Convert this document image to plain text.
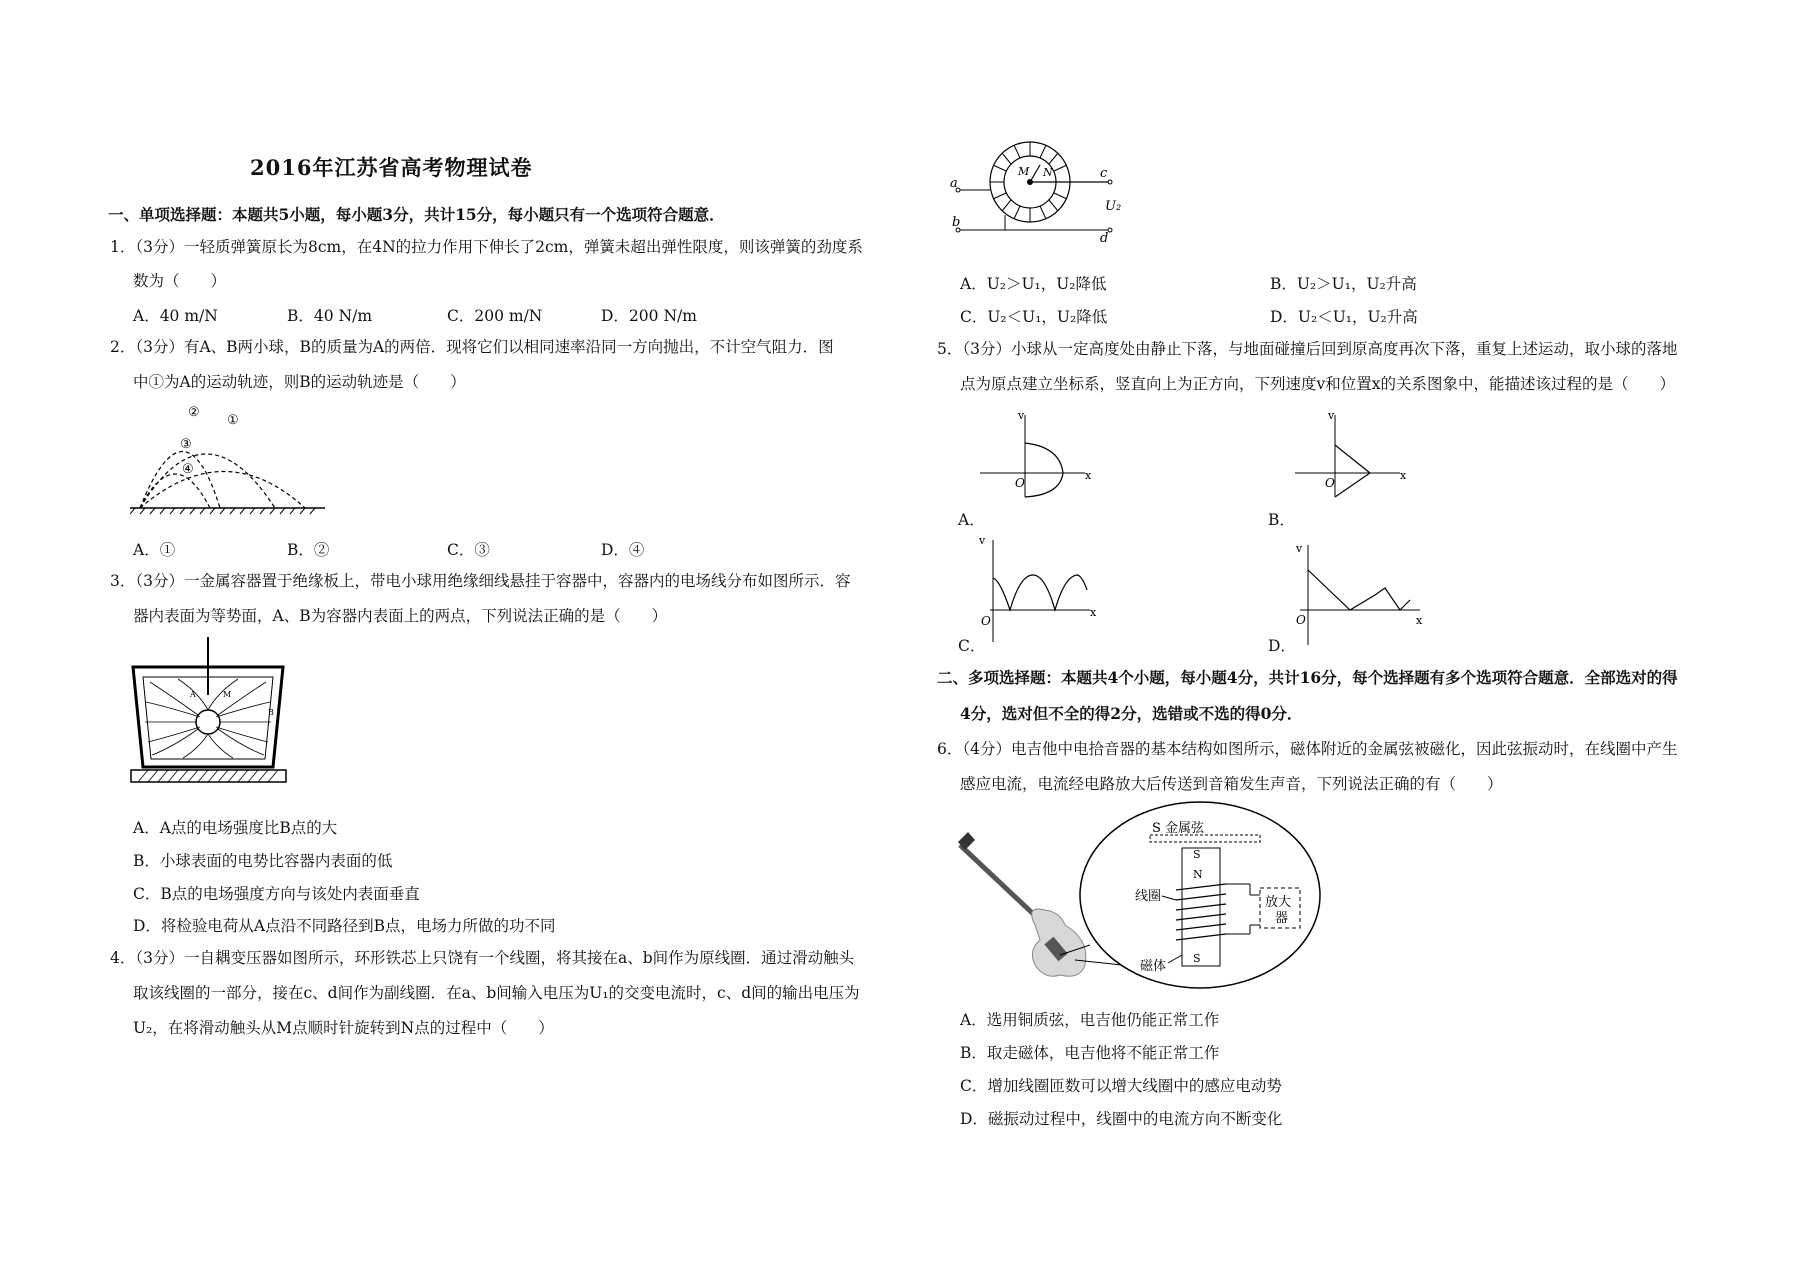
2016年江苏省高考物理试卷
一、单项选择题：本题共5小题，每小题3分，共计15分，每小题只有一个选项符合题意．
1．（3分）一轻质弹簧原长为8cm，在4N的拉力作用下伸长了2cm，弹簧未超出弹性限度，则该弹簧的劲度系
数为（　　）
A．40 m/N	B．40 N/m	C．200 m/N	D．200 N/m
2．（3分）有A、B两小球，B的质量为A的两倍．现将它们以相同速率沿同一方向抛出，不计空气阻力．图
中①为A的运动轨迹，则B的运动轨迹是（　　）
②
①
③
④
A．①	B．②	C．③	D．④
3．（3分）一金属容器置于绝缘板上，带电小球用绝缘细线悬挂于容器中，容器内的电场线分布如图所示．容
器内表面为等势面，A、B为容器内表面上的两点，下列说法正确的是（　　）
A	M
B
A．A点的电场强度比B点的大
B．小球表面的电势比容器内表面的低
C．B点的电场强度方向与该处内表面垂直
D．将检验电荷从A点沿不同路径到B点，电场力所做的功不同
4．（3分）一自耦变压器如图所示，环形铁芯上只饶有一个线圈，将其接在a、b间作为原线圈．通过滑动触头
取该线圈的一部分，接在c、d间作为副线圈．在a、b间输入电压为U₁的交变电流时，c、d间的输出电压为
U₂，在将滑动触头从M点顺时针旋转到N点的过程中（　　）
M N
a
b
c
d
U₂
A．U₂＞U₁，U₂降低	B．U₂＞U₁，U₂升高
C．U₂＜U₁，U₂降低	D．U₂＜U₁，U₂升高
5．（3分）小球从一定高度处由静止下落，与地面碰撞后回到原高度再次下落，重复上述运动，取小球的落地
点为原点建立坐标系，竖直向上为正方向，下列速度v和位置x的关系图象中，能描述该过程的是（　　）
v
x
O
A．
v
x
O
B．
v
x
O
C．
v
x
O
D．
二、多项选择题：本题共4个小题，每小题4分，共计16分，每个选择题有多个选项符合题意．全部选对的得
4分，选对但不全的得2分，选错或不选的得0分．
6．（4分）电吉他中电拾音器的基本结构如图所示，磁体附近的金属弦被磁化，因此弦振动时，在线圈中产生
感应电流，电流经电路放大后传送到音箱发生声音，下列说法正确的有（　　）
S 金属弦
S
N
S
放大
器
线圈
磁体
A．选用铜质弦，电吉他仍能正常工作
B．取走磁体，电吉他将不能正常工作
C．增加线圈匝数可以增大线圈中的感应电动势
D．磁振动过程中，线圈中的电流方向不断变化
